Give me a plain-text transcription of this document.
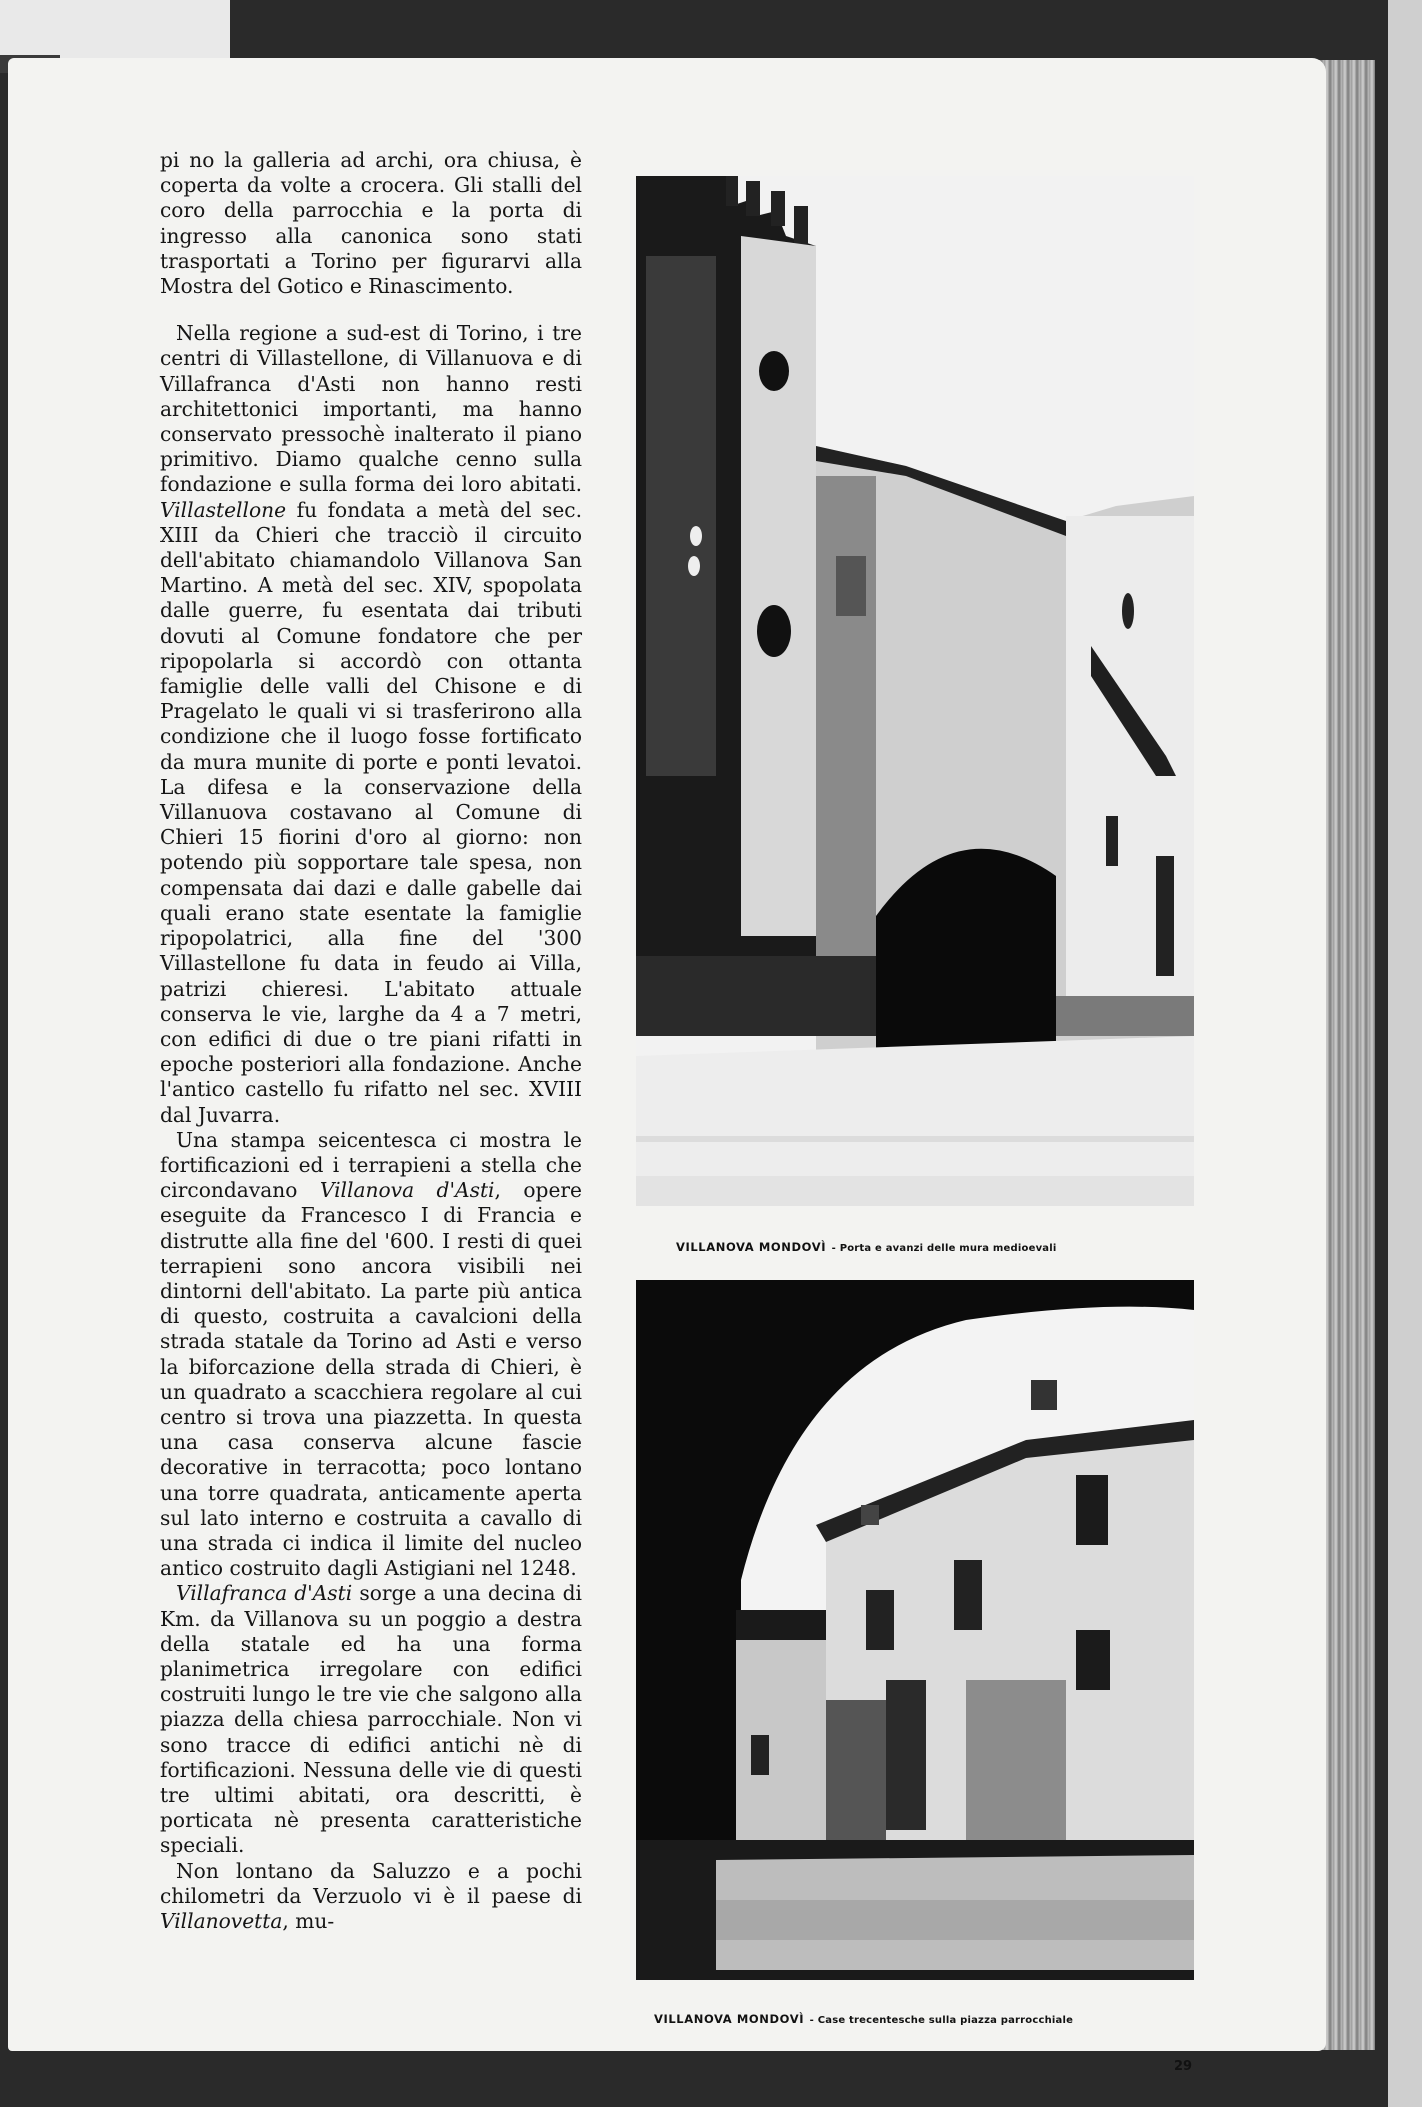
pi no la galleria ad archi, ora chiusa, è coperta da volte a crocera. Gli stalli del coro della parrocchia e la porta di ingresso alla canonica sono stati trasportati a Torino per figurarvi alla Mostra del Gotico e Rinascimento.

Nella regione a sud-est di Torino, i tre centri di Villastellone, di Villanuova e di Villafranca d'Asti non hanno resti architettonici importanti, ma hanno conservato pressochè inalterato il piano primitivo. Diamo qualche cenno sulla fondazione e sulla forma dei loro abitati. Villastellone fu fondata a metà del sec. XIII da Chieri che tracciò il circuito dell'abitato chiamandolo Villanova San Martino. A metà del sec. XIV, spopolata dalle guerre, fu esentata dai tributi dovuti al Comune fondatore che per ripopolarla si accordò con ottanta famiglie delle valli del Chisone e di Pragelato le quali vi si trasferirono alla condizione che il luogo fosse fortificato da mura munite di porte e ponti levatoi. La difesa e la conservazione della Villanuova costavano al Comune di Chieri 15 fiorini d'oro al giorno: non potendo più sopportare tale spesa, non compensata dai dazi e dalle gabelle dai quali erano state esentate la famiglie ripopolatrici, alla fine del '300 Villastellone fu data in feudo ai Villa, patrizi chieresi. L'abitato attuale conserva le vie, larghe da 4 a 7 metri, con edifici di due o tre piani rifatti in epoche posteriori alla fondazione. Anche l'antico castello fu rifatto nel sec. XVIII dal Juvarra.

Una stampa seicentesca ci mostra le fortificazioni ed i terrapieni a stella che circondavano Villanova d'Asti, opere eseguite da Francesco I di Francia e distrutte alla fine del '600. I resti di quei terrapieni sono ancora visibili nei dintorni dell'abitato. La parte più antica di questo, costruita a cavalcioni della strada statale da Torino ad Asti e verso la biforcazione della strada di Chieri, è un quadrato a scacchiera regolare al cui centro si trova una piazzetta. In questa una casa conserva alcune fascie decorative in terracotta; poco lontano una torre quadrata, anticamente aperta sul lato interno e costruita a cavallo di una strada ci indica il limite del nucleo antico costruito dagli Astigiani nel 1248.

Villafranca d'Asti sorge a una decina di Km. da Villanova su un poggio a destra della statale ed ha una forma planimetrica irregolare con edifici costruiti lungo le tre vie che salgono alla piazza della chiesa parrocchiale. Non vi sono tracce di edifici antichi nè di fortificazioni. Nessuna delle vie di questi tre ultimi abitati, ora descritti, è porticata nè presenta caratteristiche speciali.

Non lontano da Saluzzo e a pochi chilometri da Verzuolo vi è il paese di Villanovetta, mu-

VILLANOVA MONDOVÌ - Porta e avanzi delle mura medioevali
VILLANOVA MONDOVÌ - Case trecentesche sulla piazza parrocchiale
29
